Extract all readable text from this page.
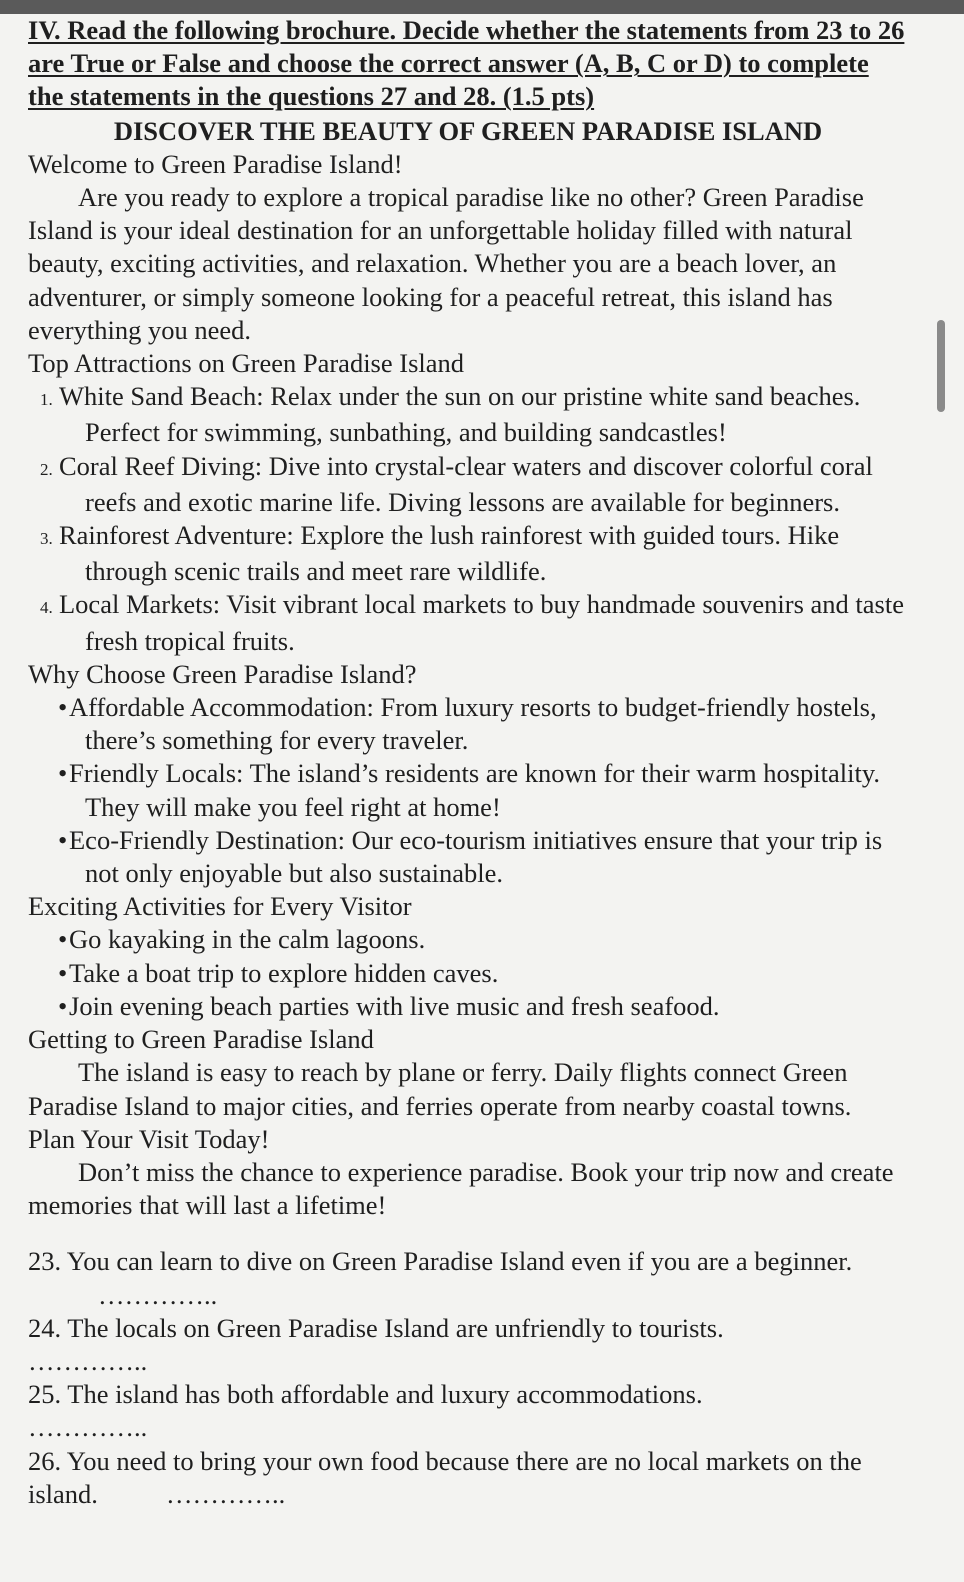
IV. Read the following brochure. Decide whether the statements from 23 to 26 are True or False and choose the correct answer (A, B, C or D) to complete the statements in the questions 27 and 28. (1.5 pts)
DISCOVER THE BEAUTY OF GREEN PARADISE ISLAND
Welcome to Green Paradise Island!
Are you ready to explore a tropical paradise like no other? Green Paradise Island is your ideal destination for an unforgettable holiday filled with natural beauty, exciting activities, and relaxation. Whether you are a beach lover, an adventurer, or simply someone looking for a peaceful retreat, this island has everything you need.
Top Attractions on Green Paradise Island
1. White Sand Beach: Relax under the sun on our pristine white sand beaches. Perfect for swimming, sunbathing, and building sandcastles!
2. Coral Reef Diving: Dive into crystal-clear waters and discover colorful coral reefs and exotic marine life. Diving lessons are available for beginners.
3. Rainforest Adventure: Explore the lush rainforest with guided tours. Hike through scenic trails and meet rare wildlife.
4. Local Markets: Visit vibrant local markets to buy handmade souvenirs and taste fresh tropical fruits.
Why Choose Green Paradise Island?
•Affordable Accommodation: From luxury resorts to budget-friendly hostels, there’s something for every traveler.
•Friendly Locals: The island’s residents are known for their warm hospitality. They will make you feel right at home!
•Eco-Friendly Destination: Our eco-tourism initiatives ensure that your trip is not only enjoyable but also sustainable.
Exciting Activities for Every Visitor
•Go kayaking in the calm lagoons.
•Take a boat trip to explore hidden caves.
•Join evening beach parties with live music and fresh seafood.
Getting to Green Paradise Island
The island is easy to reach by plane or ferry. Daily flights connect Green Paradise Island to major cities, and ferries operate from nearby coastal towns.
Plan Your Visit Today!
Don’t miss the chance to experience paradise. Book your trip now and create memories that will last a lifetime!
23. You can learn to dive on Green Paradise Island even if you are a beginner.…………..
24. The locals on Green Paradise Island are unfriendly to tourists.
…………..
25. The island has both affordable and luxury accommodations.
…………..
26. You need to bring your own food because there are no local markets on the island.	…………..
